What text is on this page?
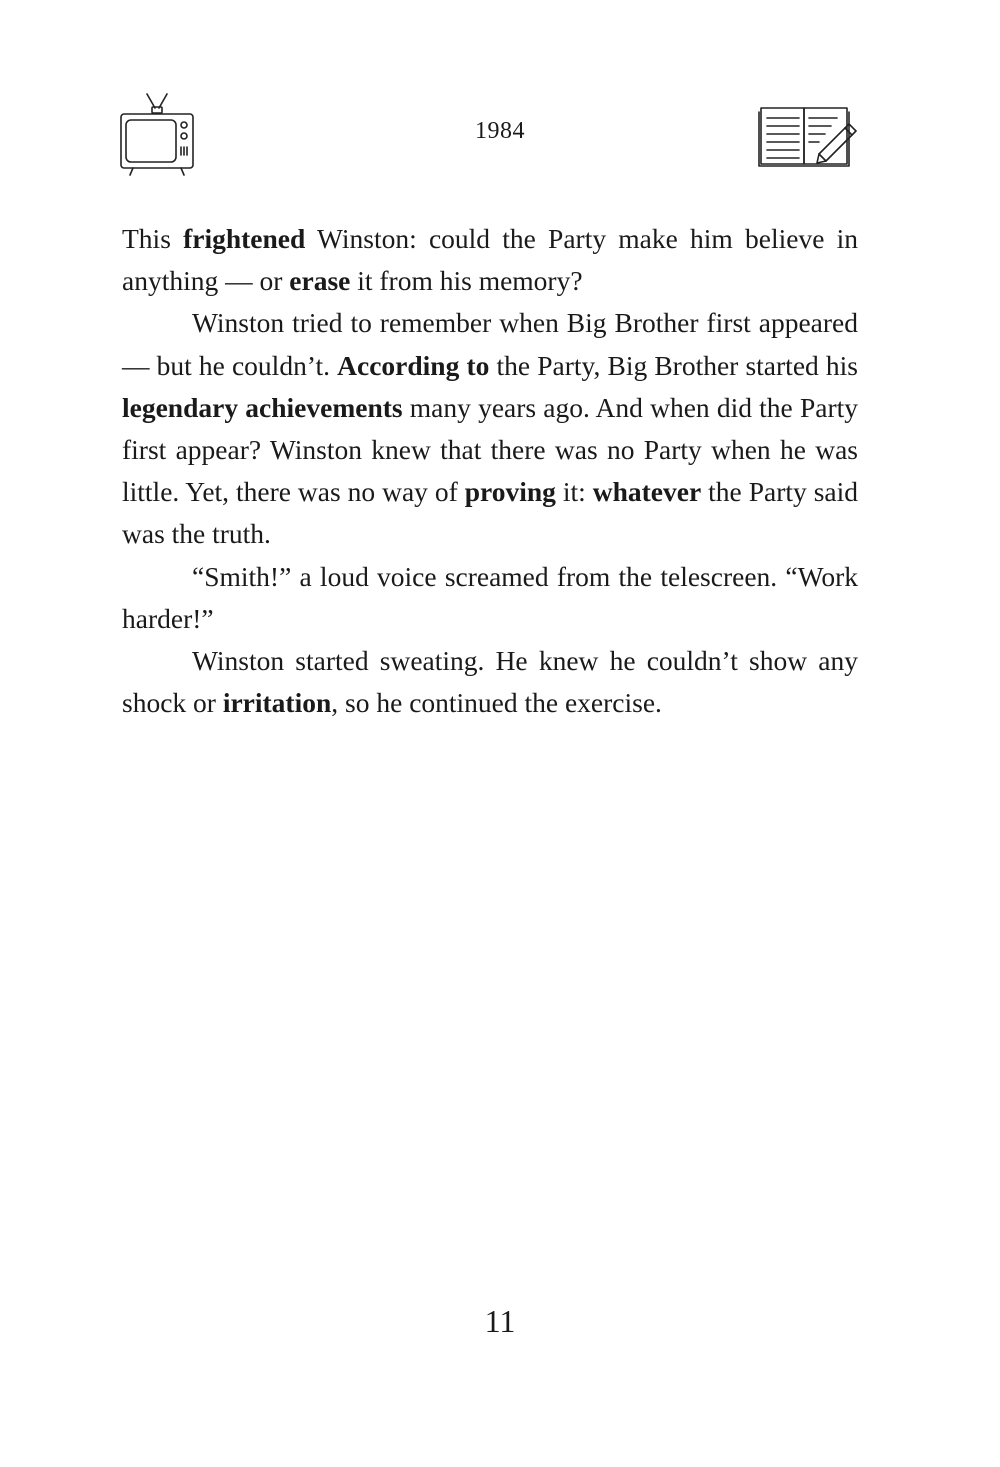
1984

This frightened Winston: could the Party make him believe in anything — or erase it from his memory?

Winston tried to remember when Big Brother first appeared — but he couldn’t. According to the Party, Big Brother started his legendary achievements many years ago. And when did the Party first appear? Winston knew that there was no Party when he was little. Yet, there was no way of proving it: whatever the Party said was the truth.

“Smith!” a loud voice screamed from the telescreen. “Work harder!”

Winston started sweating. He knew he couldn’t show any shock or irritation, so he continued the exercise.

11
